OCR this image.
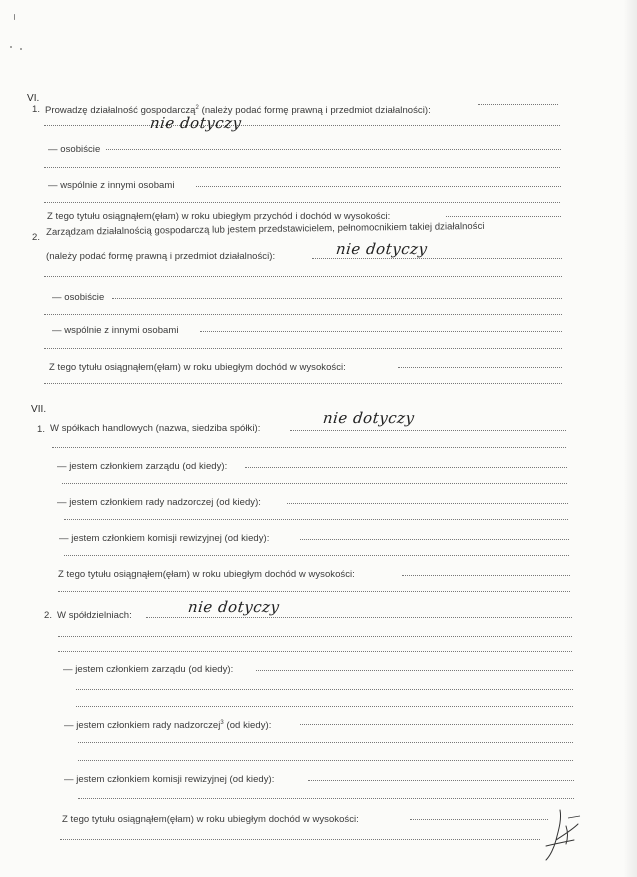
VI.
1. Prowadzę działalność gospodarczą$^2$ (należy podać formę prawną i przedmiot działalności):
nie dotyczy
— osobiście
— wspólnie z innymi osobami
Z tego tytułu osiągnąłem(ęłam) w roku ubiegłym przychód i dochód w wysokości:
2. Zarządzam działalnością gospodarczą lub jestem przedstawicielem, pełnomocnikiem takiej działalności
(należy podać formę prawną i przedmiot działalności):	nie dotyczy
— osobiście
— wspólnie z innymi osobami
Z tego tytułu osiągnąłem(ęłam) w roku ubiegłym dochód w wysokości:
VII.
1. W spółkach handlowych (nazwa, siedziba spółki):
nie dotyczy
— jestem członkiem zarządu (od kiedy):
— jestem członkiem rady nadzorczej (od kiedy):
— jestem członkiem komisji rewizyjnej (od kiedy):
Z tego tytułu osiągnąłem(ęłam) w roku ubiegłym dochód w wysokości:
2. W spółdzielniach:	nie dotyczy
— jestem członkiem zarządu (od kiedy):
— jestem członkiem rady nadzorczej$^3$ (od kiedy):
— jestem członkiem komisji rewizyjnej (od kiedy):
Z tego tytułu osiągnąłem(ęłam) w roku ubiegłym dochód w wysokości:
